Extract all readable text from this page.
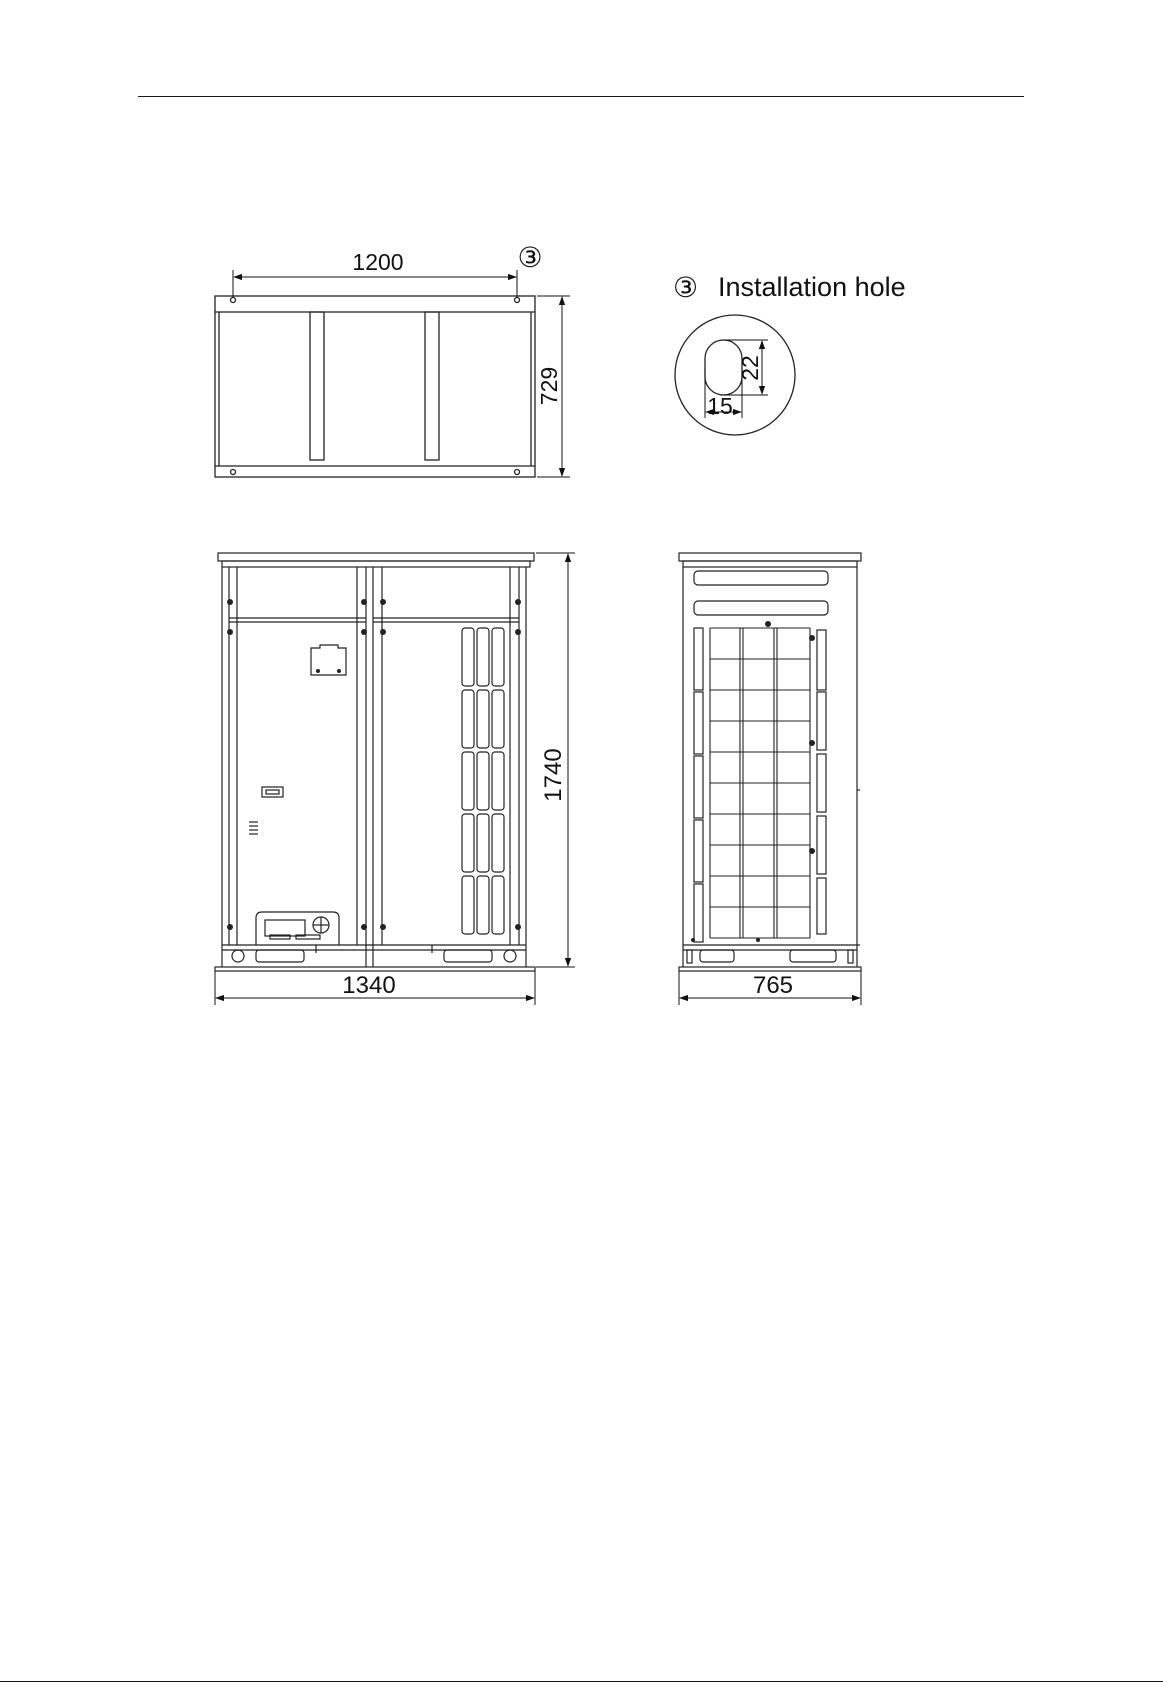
1200	③
729
③ Installation hole
22
15
1740
1340	765
